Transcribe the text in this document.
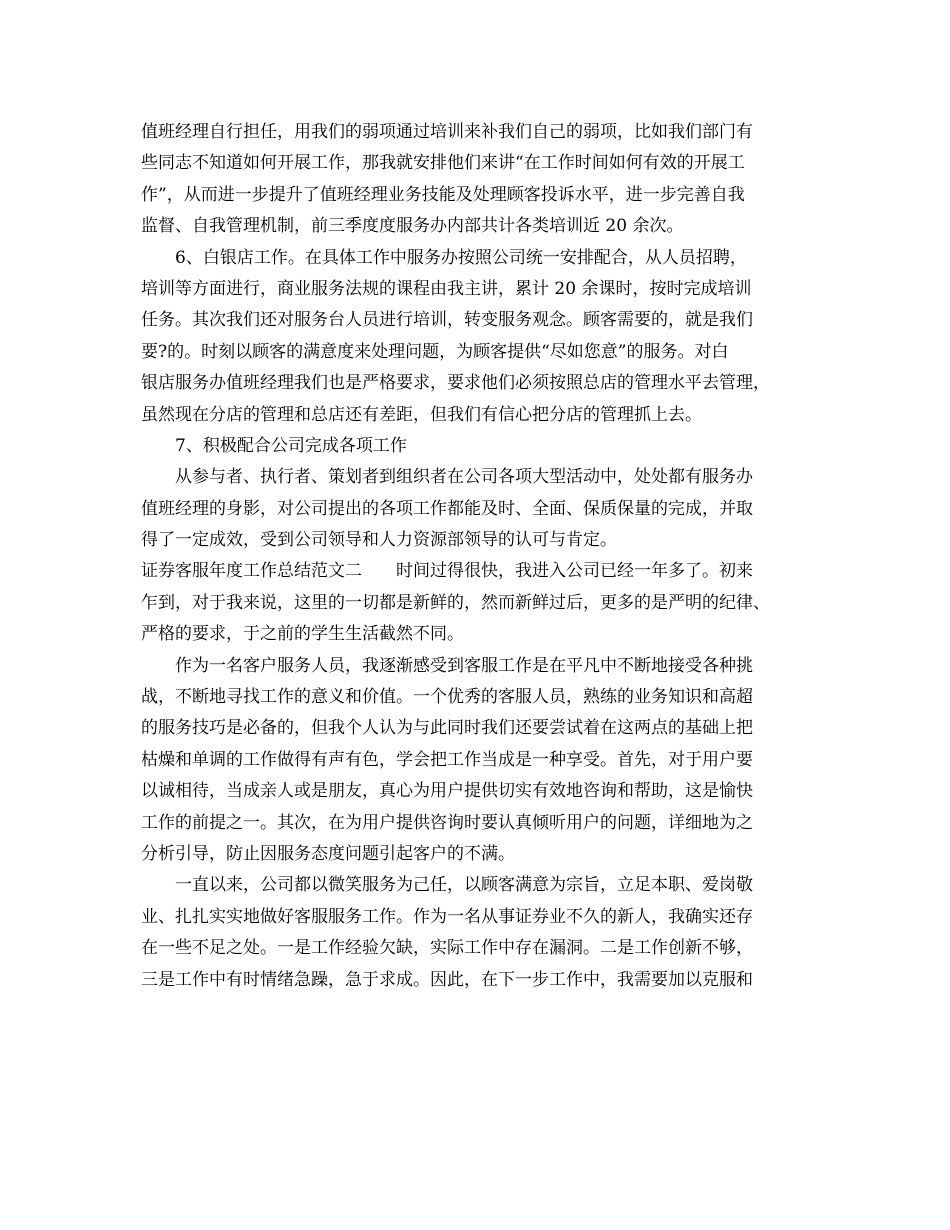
值班经理自行担任，用我们的弱项通过培训来补我们自己的弱项，比如我们部门有
些同志不知道如何开展工作，那我就安排他们来讲“在工作时间如何有效的开展工
作”，从而进一步提升了值班经理业务技能及处理顾客投诉水平，进一步完善自我
监督、自我管理机制，前三季度度服务办内部共计各类培训近 20 余次。
6、白银店工作。在具体工作中服务办按照公司统一安排配合，从人员招聘，
培训等方面进行，商业服务法规的课程由我主讲，累计 20 余课时，按时完成培训
任务。其次我们还对服务台人员进行培训，转变服务观念。顾客需要的，就是我们
要?的。时刻以顾客的满意度来处理问题，为顾客提供“尽如您意”的服务。对白
银店服务办值班经理我们也是严格要求，要求他们必须按照总店的管理水平去管理，
虽然现在分店的管理和总店还有差距，但我们有信心把分店的管理抓上去。
7、积极配合公司完成各项工作
从参与者、执行者、策划者到组织者在公司各项大型活动中，处处都有服务办
值班经理的身影，对公司提出的各项工作都能及时、全面、保质保量的完成，并取
得了一定成效，受到公司领导和人力资源部领导的认可与肯定。
证券客服年度工作总结范文二 时间过得很快，我进入公司已经一年多了。初来
乍到，对于我来说，这里的一切都是新鲜的，然而新鲜过后，更多的是严明的纪律、
严格的要求，于之前的学生生活截然不同。
作为一名客户服务人员，我逐渐感受到客服工作是在平凡中不断地接受各种挑
战，不断地寻找工作的意义和价值。一个优秀的客服人员，熟练的业务知识和高超
的服务技巧是必备的，但我个人认为与此同时我们还要尝试着在这两点的基础上把
枯燥和单调的工作做得有声有色，学会把工作当成是一种享受。首先，对于用户要
以诚相待，当成亲人或是朋友，真心为用户提供切实有效地咨询和帮助，这是愉快
工作的前提之一。其次，在为用户提供咨询时要认真倾听用户的问题，详细地为之
分析引导，防止因服务态度问题引起客户的不满。
一直以来，公司都以微笑服务为己任，以顾客满意为宗旨，立足本职、爱岗敬
业、扎扎实实地做好客服服务工作。作为一名从事证券业不久的新人，我确实还存
在一些不足之处。一是工作经验欠缺，实际工作中存在漏洞。二是工作创新不够，
三是工作中有时情绪急躁，急于求成。因此，在下一步工作中，我需要加以克服和
